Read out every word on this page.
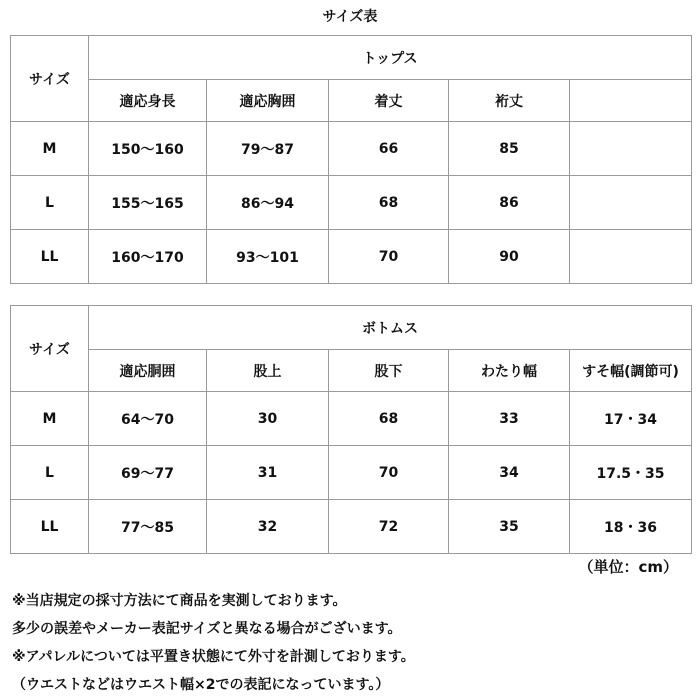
サイズ表
サイズ	トップス				
	適応身長	適応胸囲	着丈	裄丈	
M	150〜160	79〜87	66	85	
L	155〜165	86〜94	68	86	
LL	160〜170	93〜101	70	90	
サイズ	ボトムス				
	適応胴囲	股上	股下	わたり幅	すそ幅(調節可)
M	64〜70	30	68	33	17・34
L	69〜77	31	70	34	17.5・35
LL	77〜85	32	72	35	18・36
（単位：cm）
※当店規定の採寸方法にて商品を実測しております。
多少の誤差やメーカー表記サイズと異なる場合がございます。
※アパレルについては平置き状態にて外寸を計測しております。
（ウエストなどはウエスト幅×2での表記になっています。）
